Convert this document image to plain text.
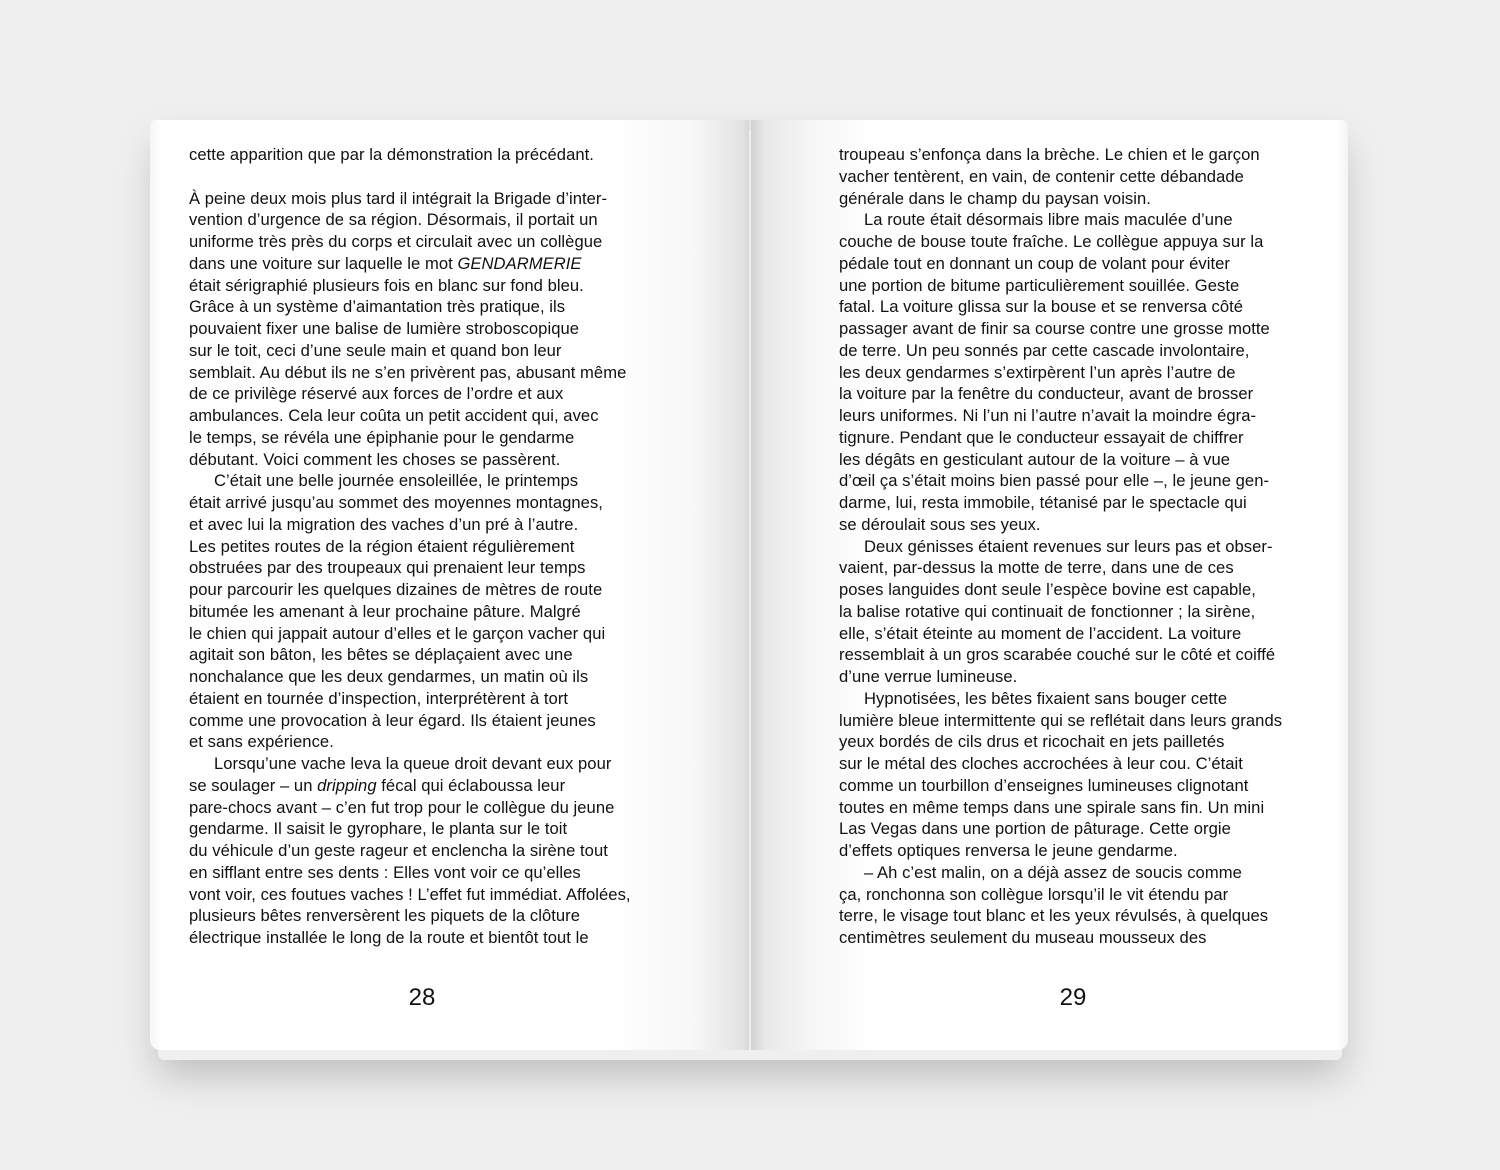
cette apparition que par la démonstration la précédant.
À peine deux mois plus tard il intégrait la Brigade d’inter-
vention d’urgence de sa région. Désormais, il portait un
uniforme très près du corps et circulait avec un collègue
dans une voiture sur laquelle le mot GENDARMERIE
était sérigraphié plusieurs fois en blanc sur fond bleu.
Grâce à un système d’aimantation très pratique, ils
pouvaient fixer une balise de lumière stroboscopique
sur le toit, ceci d’une seule main et quand bon leur
semblait. Au début ils ne s’en privèrent pas, abusant même
de ce privilège réservé aux forces de l’ordre et aux
ambulances. Cela leur coûta un petit accident qui, avec
le temps, se révéla une épiphanie pour le gendarme
débutant. Voici comment les choses se passèrent.
C’était une belle journée ensoleillée, le printemps
était arrivé jusqu’au sommet des moyennes montagnes,
et avec lui la migration des vaches d’un pré à l’autre.
Les petites routes de la région étaient régulièrement
obstruées par des troupeaux qui prenaient leur temps
pour parcourir les quelques dizaines de mètres de route
bitumée les amenant à leur prochaine pâture. Malgré
le chien qui jappait autour d’elles et le garçon vacher qui
agitait son bâton, les bêtes se déplaçaient avec une
nonchalance que les deux gendarmes, un matin où ils
étaient en tournée d’inspection, interprétèrent à tort
comme une provocation à leur égard. Ils étaient jeunes
et sans expérience.
Lorsqu’une vache leva la queue droit devant eux pour
se soulager – un dripping fécal qui éclaboussa leur
pare-chocs avant – c’en fut trop pour le collègue du jeune
gendarme. Il saisit le gyrophare, le planta sur le toit
du véhicule d’un geste rageur et enclencha la sirène tout
en sifflant entre ses dents : Elles vont voir ce qu’elles
vont voir, ces foutues vaches ! L’effet fut immédiat. Affolées,
plusieurs bêtes renversèrent les piquets de la clôture
électrique installée le long de la route et bientôt tout le
28
troupeau s’enfonça dans la brèche. Le chien et le garçon
vacher tentèrent, en vain, de contenir cette débandade
générale dans le champ du paysan voisin.
La route était désormais libre mais maculée d’une
couche de bouse toute fraîche. Le collègue appuya sur la
pédale tout en donnant un coup de volant pour éviter
une portion de bitume particulièrement souillée. Geste
fatal. La voiture glissa sur la bouse et se renversa côté
passager avant de finir sa course contre une grosse motte
de terre. Un peu sonnés par cette cascade involontaire,
les deux gendarmes s’extirpèrent l’un après l’autre de
la voiture par la fenêtre du conducteur, avant de brosser
leurs uniformes. Ni l’un ni l’autre n’avait la moindre égra-
tignure. Pendant que le conducteur essayait de chiffrer
les dégâts en gesticulant autour de la voiture – à vue
d’œil ça s’était moins bien passé pour elle –, le jeune gen-
darme, lui, resta immobile, tétanisé par le spectacle qui
se déroulait sous ses yeux.
Deux génisses étaient revenues sur leurs pas et obser-
vaient, par-dessus la motte de terre, dans une de ces
poses languides dont seule l’espèce bovine est capable,
la balise rotative qui continuait de fonctionner ; la sirène,
elle, s’était éteinte au moment de l’accident. La voiture
ressemblait à un gros scarabée couché sur le côté et coiffé
d’une verrue lumineuse.
Hypnotisées, les bêtes fixaient sans bouger cette
lumière bleue intermittente qui se reflétait dans leurs grands
yeux bordés de cils drus et ricochait en jets pailletés
sur le métal des cloches accrochées à leur cou. C’était
comme un tourbillon d’enseignes lumineuses clignotant
toutes en même temps dans une spirale sans fin. Un mini
Las Vegas dans une portion de pâturage. Cette orgie
d’effets optiques renversa le jeune gendarme.
– Ah c’est malin, on a déjà assez de soucis comme
ça, ronchonna son collègue lorsqu’il le vit étendu par
terre, le visage tout blanc et les yeux révulsés, à quelques
centimètres seulement du museau mousseux des
29
